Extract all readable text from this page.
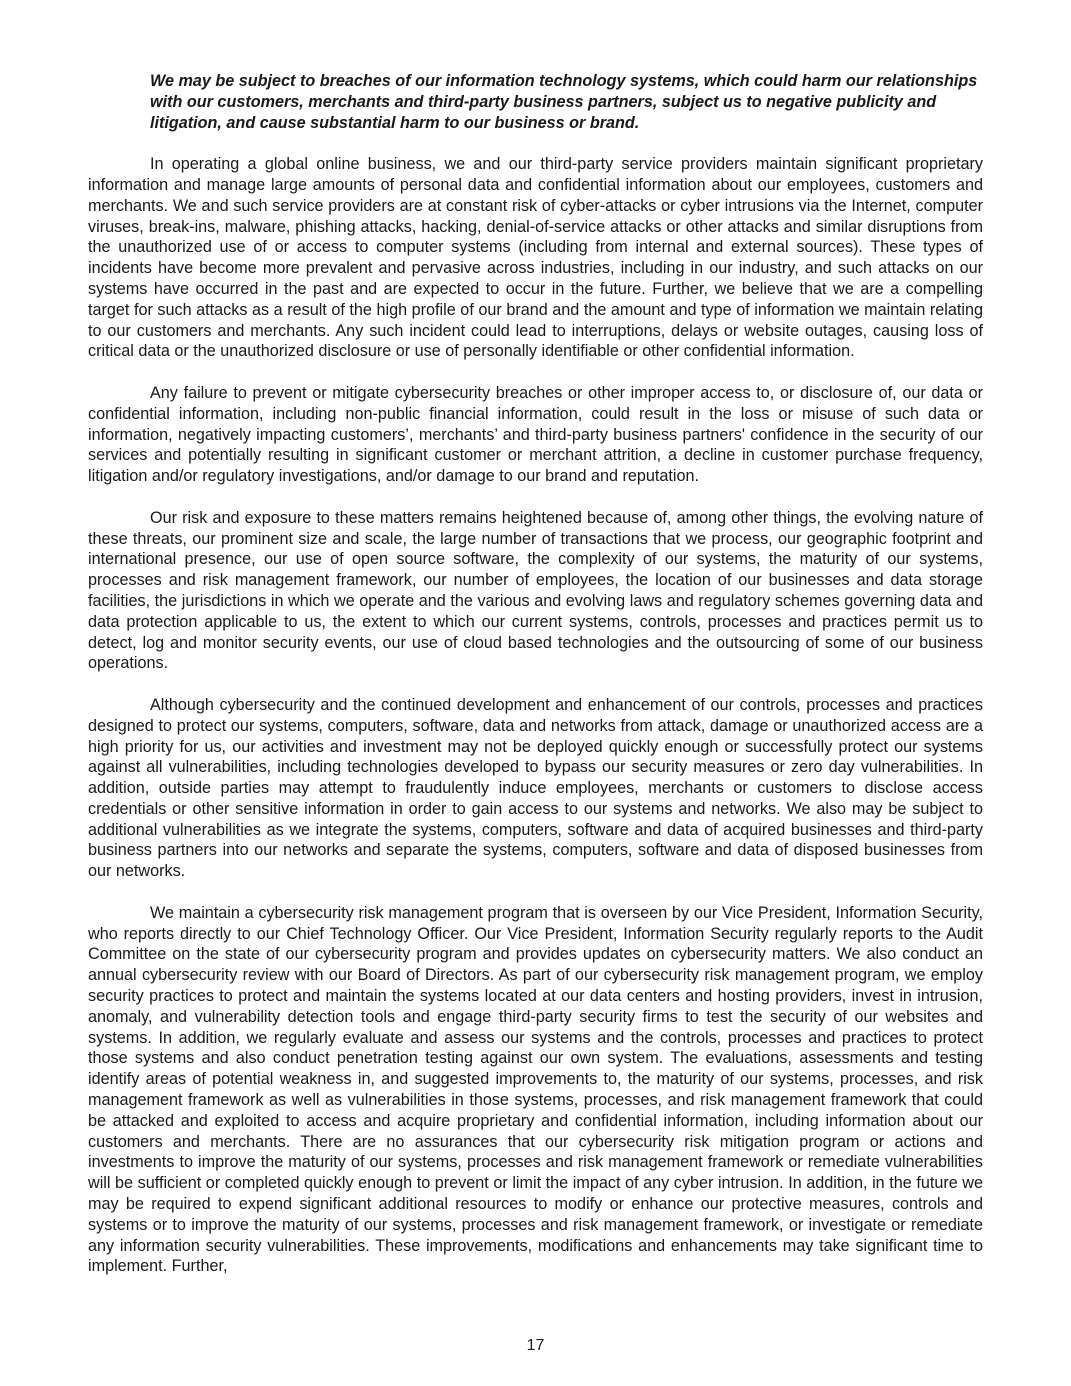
We may be subject to breaches of our information technology systems, which could harm our relationships with our customers, merchants and third-party business partners, subject us to negative publicity and litigation, and cause substantial harm to our business or brand.

In operating a global online business, we and our third-party service providers maintain significant proprietary information and manage large amounts of personal data and confidential information about our employees, customers and merchants. We and such service providers are at constant risk of cyber-attacks or cyber intrusions via the Internet, computer viruses, break-ins, malware, phishing attacks, hacking, denial-of-service attacks or other attacks and similar disruptions from the unauthorized use of or access to computer systems (including from internal and external sources). These types of incidents have become more prevalent and pervasive across industries, including in our industry, and such attacks on our systems have occurred in the past and are expected to occur in the future. Further, we believe that we are a compelling target for such attacks as a result of the high profile of our brand and the amount and type of information we maintain relating to our customers and merchants. Any such incident could lead to interruptions, delays or website outages, causing loss of critical data or the unauthorized disclosure or use of personally identifiable or other confidential information.

Any failure to prevent or mitigate cybersecurity breaches or other improper access to, or disclosure of, our data or confidential information, including non-public financial information, could result in the loss or misuse of such data or information, negatively impacting customers’, merchants’ and third-party business partners' confidence in the security of our services and potentially resulting in significant customer or merchant attrition, a decline in customer purchase frequency, litigation and/or regulatory investigations, and/or damage to our brand and reputation.

Our risk and exposure to these matters remains heightened because of, among other things, the evolving nature of these threats, our prominent size and scale, the large number of transactions that we process, our geographic footprint and international presence, our use of open source software, the complexity of our systems, the maturity of our systems, processes and risk management framework, our number of employees, the location of our businesses and data storage facilities, the jurisdictions in which we operate and the various and evolving laws and regulatory schemes governing data and data protection applicable to us, the extent to which our current systems, controls, processes and practices permit us to detect, log and monitor security events, our use of cloud based technologies and the outsourcing of some of our business operations.

Although cybersecurity and the continued development and enhancement of our controls, processes and practices designed to protect our systems, computers, software, data and networks from attack, damage or unauthorized access are a high priority for us, our activities and investment may not be deployed quickly enough or successfully protect our systems against all vulnerabilities, including technologies developed to bypass our security measures or zero day vulnerabilities. In addition, outside parties may attempt to fraudulently induce employees, merchants or customers to disclose access credentials or other sensitive information in order to gain access to our systems and networks. We also may be subject to additional vulnerabilities as we integrate the systems, computers, software and data of acquired businesses and third-party business partners into our networks and separate the systems, computers, software and data of disposed businesses from our networks.

We maintain a cybersecurity risk management program that is overseen by our Vice President, Information Security, who reports directly to our Chief Technology Officer. Our Vice President, Information Security regularly reports to the Audit Committee on the state of our cybersecurity program and provides updates on cybersecurity matters. We also conduct an annual cybersecurity review with our Board of Directors. As part of our cybersecurity risk management program, we employ security practices to protect and maintain the systems located at our data centers and hosting providers, invest in intrusion, anomaly, and vulnerability detection tools and engage third-party security firms to test the security of our websites and systems. In addition, we regularly evaluate and assess our systems and the controls, processes and practices to protect those systems and also conduct penetration testing against our own system. The evaluations, assessments and testing identify areas of potential weakness in, and suggested improvements to, the maturity of our systems, processes, and risk management framework as well as vulnerabilities in those systems, processes, and risk management framework that could be attacked and exploited to access and acquire proprietary and confidential information, including information about our customers and merchants. There are no assurances that our cybersecurity risk mitigation program or actions and investments to improve the maturity of our systems, processes and risk management framework or remediate vulnerabilities will be sufficient or completed quickly enough to prevent or limit the impact of any cyber intrusion. In addition, in the future we may be required to expend significant additional resources to modify or enhance our protective measures, controls and systems or to improve the maturity of our systems, processes and risk management framework, or investigate or remediate any information security vulnerabilities. These improvements, modifications and enhancements may take significant time to implement. Further,

17
